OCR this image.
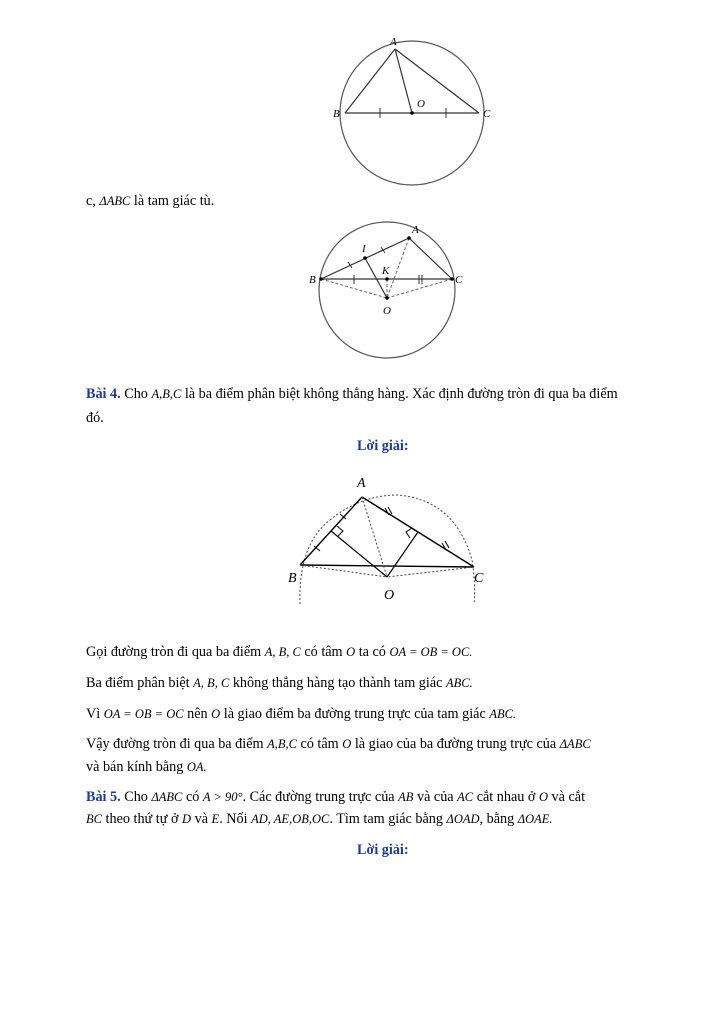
A
B
O
C
c, ΔABC là tam giác tù.
A
I
K
B	C
O
Bài 4. Cho A,B,C là ba điểm phân biệt không thẳng hàng. Xác định đường tròn đi qua ba điểm
đó.
Lời giải:
A
B	C
O
Gọi đường tròn đi qua ba điểm A, B, C có tâm O ta có OA = OB = OC.
Ba điểm phân biệt A, B, C không thẳng hàng tạo thành tam giác ABC.
Vì OA = OB = OC nên O là giao điểm ba đường trung trực của tam giác ABC.
Vậy đường tròn đi qua ba điểm A,B,C có tâm O là giao của ba đường trung trực của ΔABC
và bán kính bằng OA.
Bài 5. Cho ΔABC có A > 90°. Các đường trung trực của AB và của AC cắt nhau ở O và cắt
BC theo thứ tự ở D và E. Nối AD, AE,OB,OC. Tìm tam giác bằng ΔOAD, bằng ΔOAE.
Lời giải:
